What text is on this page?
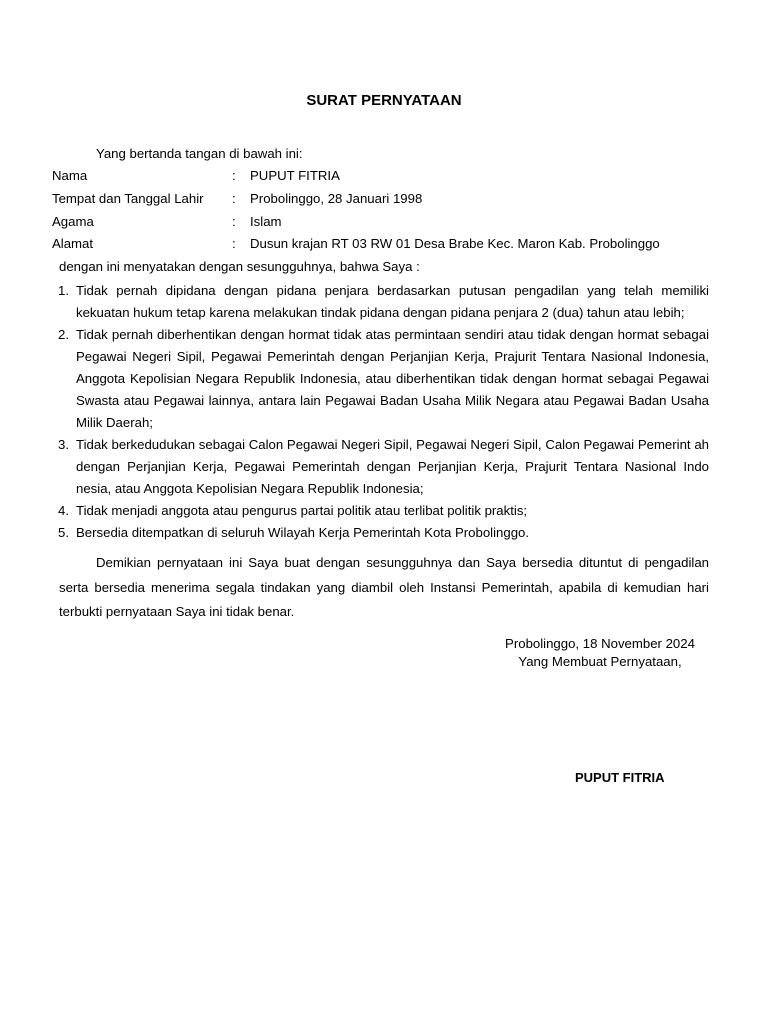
SURAT PERNYATAAN
Yang bertanda tangan di bawah ini:
Nama	: PUPUT FITRIA
Tempat dan Tanggal Lahir : Probolinggo, 28 Januari 1998
Agama	: Islam
Alamat	: Dusun krajan RT 03 RW 01 Desa Brabe Kec. Maron Kab. Probolinggo
dengan ini menyatakan dengan sesungguhnya, bahwa Saya :
1. Tidak pernah dipidana dengan pidana penjara berdasarkan putusan pengadilan yang telah memiliki kekuatan hukum tetap karena melakukan tindak pidana dengan pidana penjara 2 (dua) tahun atau lebih;
2. Tidak pernah diberhentikan dengan hormat tidak atas permintaan sendiri atau tidak dengan hormat sebagai Pegawai Negeri Sipil, Pegawai Pemerintah dengan Perjanjian Kerja, Prajurit Tentara Nasional Indonesia, Anggota Kepolisian Negara Republik Indonesia, atau diberhentikan tidak dengan hormat sebagai Pegawai Swasta atau Pegawai lainnya, antara lain Pegawai Badan Usaha Milik Negara atau Pegawai Badan Usaha Milik Daerah;
3. Tidak berkedudukan sebagai Calon Pegawai Negeri Sipil, Pegawai Negeri Sipil, Calon Pegawai Pemerint ah dengan Perjanjian Kerja, Pegawai Pemerintah dengan Perjanjian Kerja, Prajurit Tentara Nasional Indo nesia, atau Anggota Kepolisian Negara Republik Indonesia;
4. Tidak menjadi anggota atau pengurus partai politik atau terlibat politik praktis;
5. Bersedia ditempatkan di seluruh Wilayah Kerja Pemerintah Kota Probolinggo.

Demikian pernyataan ini Saya buat dengan sesungguhnya dan Saya bersedia dituntut di pengadilan serta bersedia menerima segala tindakan yang diambil oleh Instansi Pemerintah, apabila di kemudian hari terbukti pernyataan Saya ini tidak benar.

Probolinggo, 18 November 2024
Yang Membuat Pernyataan,
PUPUT FITRIA
